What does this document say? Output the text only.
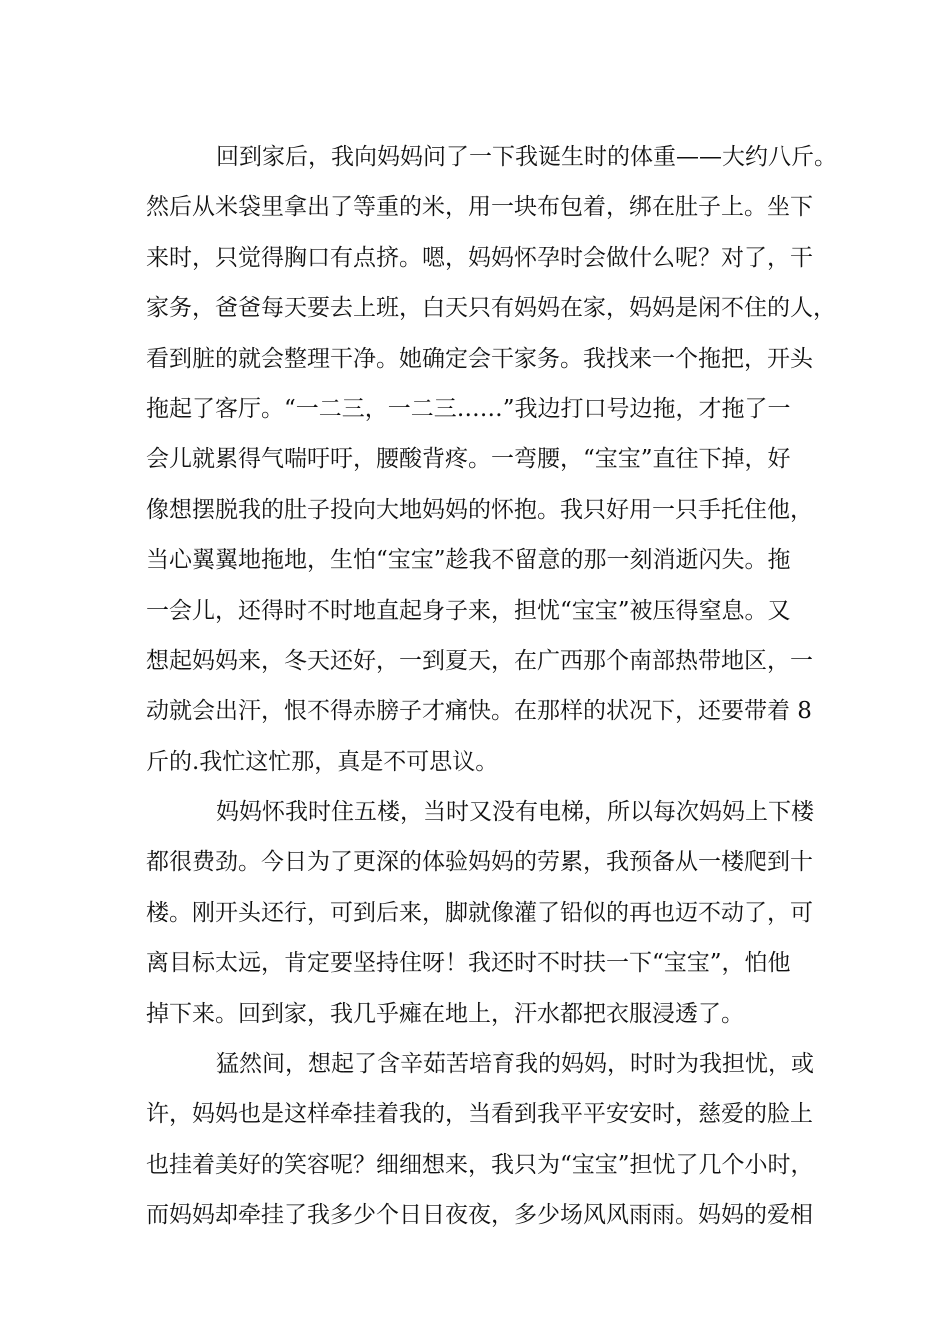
回到家后，我向妈妈问了一下我诞生时的体重——大约八斤。
然后从米袋里拿出了等重的米，用一块布包着，绑在肚子上。坐下
来时，只觉得胸口有点挤。嗯，妈妈怀孕时会做什么呢？对了，干
家务，爸爸每天要去上班，白天只有妈妈在家，妈妈是闲不住的人，
看到脏的就会整理干净。她确定会干家务。我找来一个拖把，开头
拖起了客厅。“一二三，一二三……”我边打口号边拖，才拖了一
会儿就累得气喘吁吁，腰酸背疼。一弯腰，“宝宝”直往下掉，好
像想摆脱我的肚子投向大地妈妈的怀抱。我只好用一只手托住他，
当心翼翼地拖地，生怕“宝宝”趁我不留意的那一刻消逝闪失。拖
一会儿，还得时不时地直起身子来，担忧“宝宝”被压得窒息。又
想起妈妈来，冬天还好，一到夏天，在广西那个南部热带地区，一
动就会出汗，恨不得赤膀子才痛快。在那样的状况下，还要带着 8
斤的.我忙这忙那，真是不可思议。
妈妈怀我时住五楼，当时又没有电梯，所以每次妈妈上下楼
都很费劲。今日为了更深的体验妈妈的劳累，我预备从一楼爬到十
楼。刚开头还行，可到后来，脚就像灌了铅似的再也迈不动了，可
离目标太远，肯定要坚持住呀！我还时不时扶一下“宝宝”，怕他
掉下来。回到家，我几乎瘫在地上，汗水都把衣服浸透了。
猛然间，想起了含辛茹苦培育我的妈妈，时时为我担忧，或
许，妈妈也是这样牵挂着我的，当看到我平平安安时，慈爱的脸上
也挂着美好的笑容呢？细细想来，我只为“宝宝”担忧了几个小时，
而妈妈却牵挂了我多少个日日夜夜，多少场风风雨雨。妈妈的爱相
